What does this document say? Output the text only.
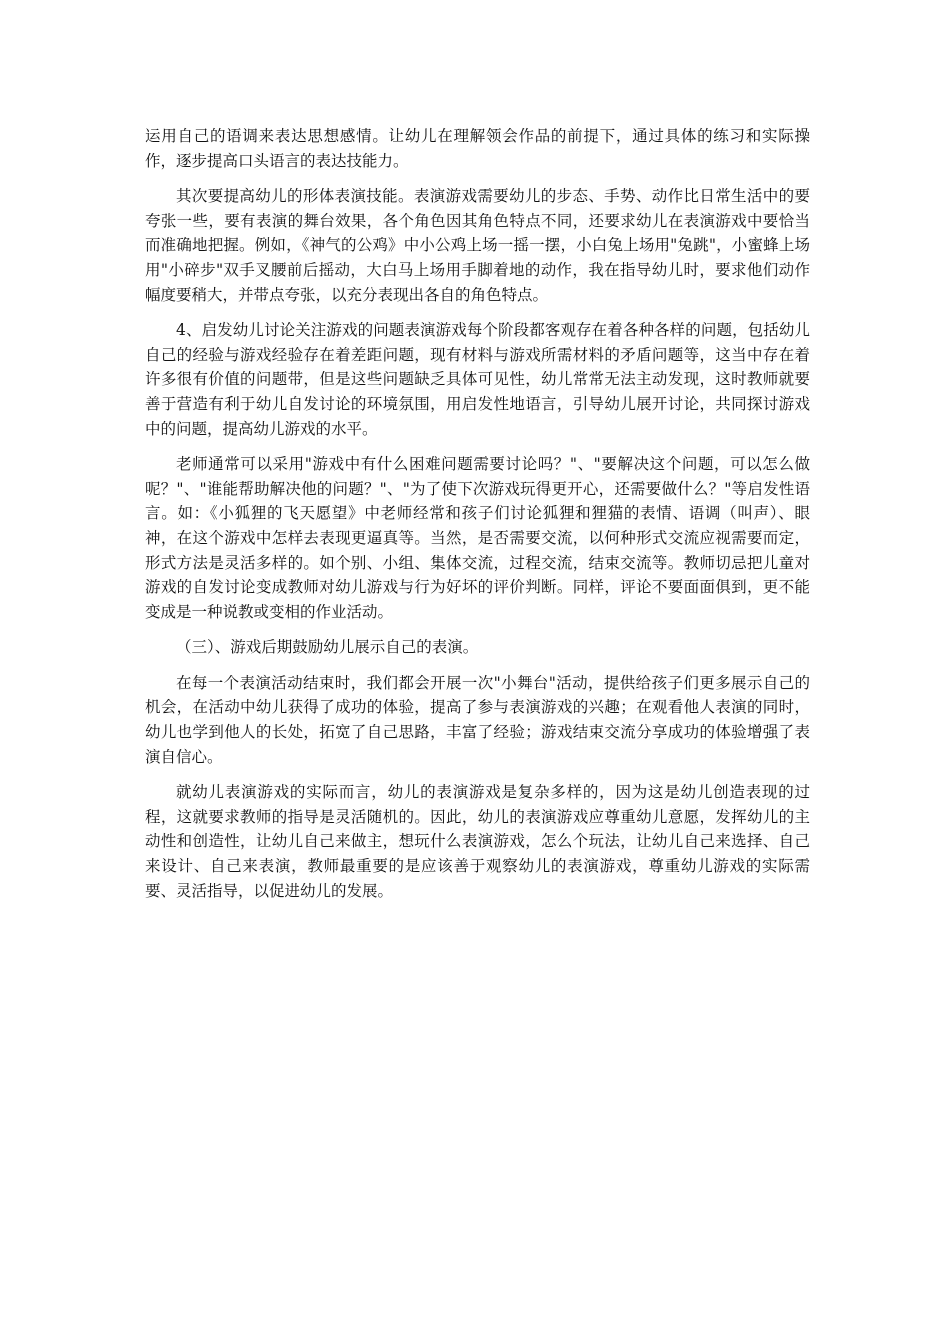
运用自己的语调来表达思想感情。让幼儿在理解领会作品的前提下，通过具体的练习和实际操作，逐步提高口头语言的表达技能力。

其次要提高幼儿的形体表演技能。表演游戏需要幼儿的步态、手势、动作比日常生活中的要夸张一些，要有表演的舞台效果，各个角色因其角色特点不同，还要求幼儿在表演游戏中要恰当而准确地把握。例如，《神气的公鸡》中小公鸡上场一摇一摆，小白兔上场用"兔跳"，小蜜蜂上场用"小碎步"双手叉腰前后摇动，大白马上场用手脚着地的动作，我在指导幼儿时，要求他们动作幅度要稍大，并带点夸张，以充分表现出各自的角色特点。

4、启发幼儿讨论关注游戏的问题表演游戏每个阶段都客观存在着各种各样的问题，包括幼儿自己的经验与游戏经验存在着差距问题，现有材料与游戏所需材料的矛盾问题等，这当中存在着许多很有价值的问题带，但是这些问题缺乏具体可见性，幼儿常常无法主动发现，这时教师就要善于营造有利于幼儿自发讨论的环境氛围，用启发性地语言，引导幼儿展开讨论，共同探讨游戏中的问题，提高幼儿游戏的水平。

老师通常可以采用"游戏中有什么困难问题需要讨论吗？"、"要解决这个问题，可以怎么做呢？"、"谁能帮助解决他的问题？"、"为了使下次游戏玩得更开心，还需要做什么？"等启发性语言。如：《小狐狸的飞天愿望》中老师经常和孩子们讨论狐狸和狸猫的表情、语调（叫声）、眼神，在这个游戏中怎样去表现更逼真等。当然，是否需要交流，以何种形式交流应视需要而定，形式方法是灵活多样的。如个别、小组、集体交流，过程交流，结束交流等。教师切忌把儿童对游戏的自发讨论变成教师对幼儿游戏与行为好坏的评价判断。同样，评论不要面面俱到，更不能变成是一种说教或变相的作业活动。

（三）、游戏后期鼓励幼儿展示自己的表演。

在每一个表演活动结束时，我们都会开展一次"小舞台"活动，提供给孩子们更多展示自己的机会，在活动中幼儿获得了成功的体验，提高了参与表演游戏的兴趣；在观看他人表演的同时，幼儿也学到他人的长处，拓宽了自己思路，丰富了经验；游戏结束交流分享成功的体验增强了表演自信心。

就幼儿表演游戏的实际而言，幼儿的表演游戏是复杂多样的，因为这是幼儿创造表现的过程，这就要求教师的指导是灵活随机的。因此，幼儿的表演游戏应尊重幼儿意愿，发挥幼儿的主动性和创造性，让幼儿自己来做主，想玩什么表演游戏，怎么个玩法，让幼儿自己来选择、自己来设计、自己来表演，教师最重要的是应该善于观察幼儿的表演游戏，尊重幼儿游戏的实际需要、灵活指导，以促进幼儿的发展。
